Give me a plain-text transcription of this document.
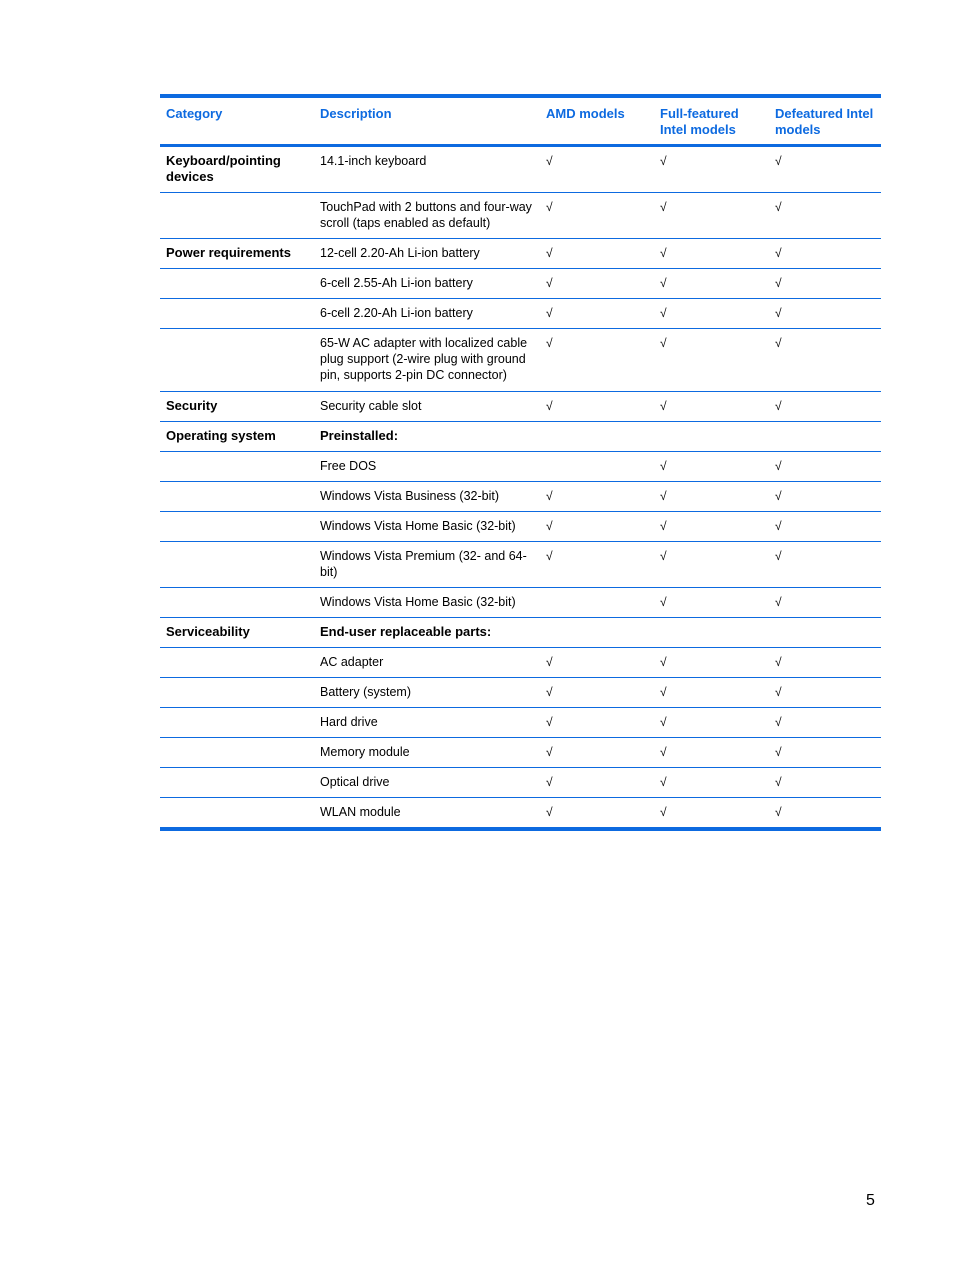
Category	Description	AMD models	Full-featured Intel models	Defeatured Intel models
Keyboard/pointing devices	14.1-inch keyboard	√	√	√
	TouchPad with 2 buttons and four-way scroll (taps enabled as default)	√	√	√
Power requirements	12-cell 2.20-Ah Li-ion battery	√	√	√
	6-cell 2.55-Ah Li-ion battery	√	√	√
	6-cell 2.20-Ah Li-ion battery	√	√	√
	65-W AC adapter with localized cable plug support (2-wire plug with ground pin, supports 2-pin DC connector)	√	√	√
Security	Security cable slot	√	√	√
Operating system	Preinstalled:			
	Free DOS		√	√
	Windows Vista Business (32-bit)	√	√	√
	Windows Vista Home Basic (32-bit)	√	√	√
	Windows Vista Premium (32- and 64-bit)	√	√	√
	Windows Vista Home Basic (32-bit)		√	√
Serviceability	End-user replaceable parts:			
	AC adapter	√	√	√
	Battery (system)	√	√	√
	Hard drive	√	√	√
	Memory module	√	√	√
	Optical drive	√	√	√
	WLAN module	√	√	√
5
